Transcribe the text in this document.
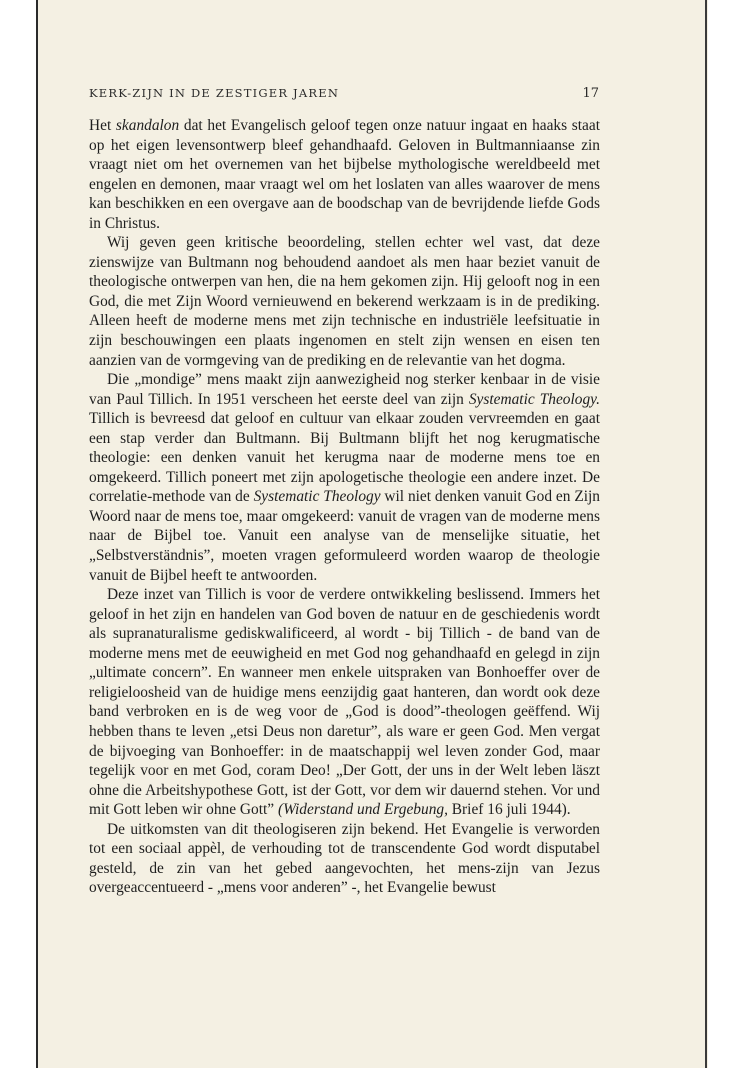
KERK-ZIJN IN DE ZESTIGER JAREN	17

Het skandalon dat het Evangelisch geloof tegen onze natuur ingaat en haaks staat op het eigen levensontwerp bleef gehandhaafd. Geloven in Bultmanniaanse zin vraagt niet om het overnemen van het bijbelse mythologische wereldbeeld met engelen en demonen, maar vraagt wel om het loslaten van alles waarover de mens kan beschikken en een overgave aan de boodschap van de bevrijdende liefde Gods in Christus.

Wij geven geen kritische beoordeling, stellen echter wel vast, dat deze zienswijze van Bultmann nog behoudend aandoet als men haar beziet vanuit de theologische ontwerpen van hen, die na hem gekomen zijn. Hij gelooft nog in een God, die met Zijn Woord vernieuwend en bekerend werkzaam is in de prediking. Alleen heeft de moderne mens met zijn technische en industriële leefsituatie in zijn beschouwingen een plaats ingenomen en stelt zijn wensen en eisen ten aanzien van de vormgeving van de prediking en de relevantie van het dogma.

Die „mondige” mens maakt zijn aanwezigheid nog sterker kenbaar in de visie van Paul Tillich. In 1951 verscheen het eerste deel van zijn Systematic Theology. Tillich is bevreesd dat geloof en cultuur van elkaar zouden vervreemden en gaat een stap verder dan Bultmann. Bij Bultmann blijft het nog kerugmatische theologie: een denken vanuit het kerugma naar de moderne mens toe en omgekeerd. Tillich poneert met zijn apologetische theologie een andere inzet. De correlatie-methode van de Systematic Theology wil niet denken vanuit God en Zijn Woord naar de mens toe, maar omgekeerd: vanuit de vragen van de moderne mens naar de Bijbel toe. Vanuit een analyse van de menselijke situatie, het „Selbstverständnis”, moeten vragen geformuleerd worden waarop de theologie vanuit de Bijbel heeft te antwoorden.

Deze inzet van Tillich is voor de verdere ontwikkeling beslissend. Immers het geloof in het zijn en handelen van God boven de natuur en de geschiedenis wordt als supranaturalisme gediskwalificeerd, al wordt - bij Tillich - de band van de moderne mens met de eeuwigheid en met God nog gehandhaafd en gelegd in zijn „ultimate concern”. En wanneer men enkele uitspraken van Bonhoeffer over de religieloosheid van de huidige mens eenzijdig gaat hanteren, dan wordt ook deze band verbroken en is de weg voor de „God is dood”-theologen geëffend. Wij hebben thans te leven „etsi Deus non daretur”, als ware er geen God. Men vergat de bijvoeging van Bonhoeffer: in de maatschappij wel leven zonder God, maar tegelijk voor en met God, coram Deo! „Der Gott, der uns in der Welt leben läszt ohne die Arbeitshypothese Gott, ist der Gott, vor dem wir dauernd stehen. Vor und mit Gott leben wir ohne Gott” (Widerstand und Ergebung, Brief 16 juli 1944).

De uitkomsten van dit theologiseren zijn bekend. Het Evangelie is verworden tot een sociaal appèl, de verhouding tot de transcendente God wordt disputabel gesteld, de zin van het gebed aangevochten, het mens-zijn van Jezus overgeaccentueerd - „mens voor anderen” -, het Evangelie bewust
